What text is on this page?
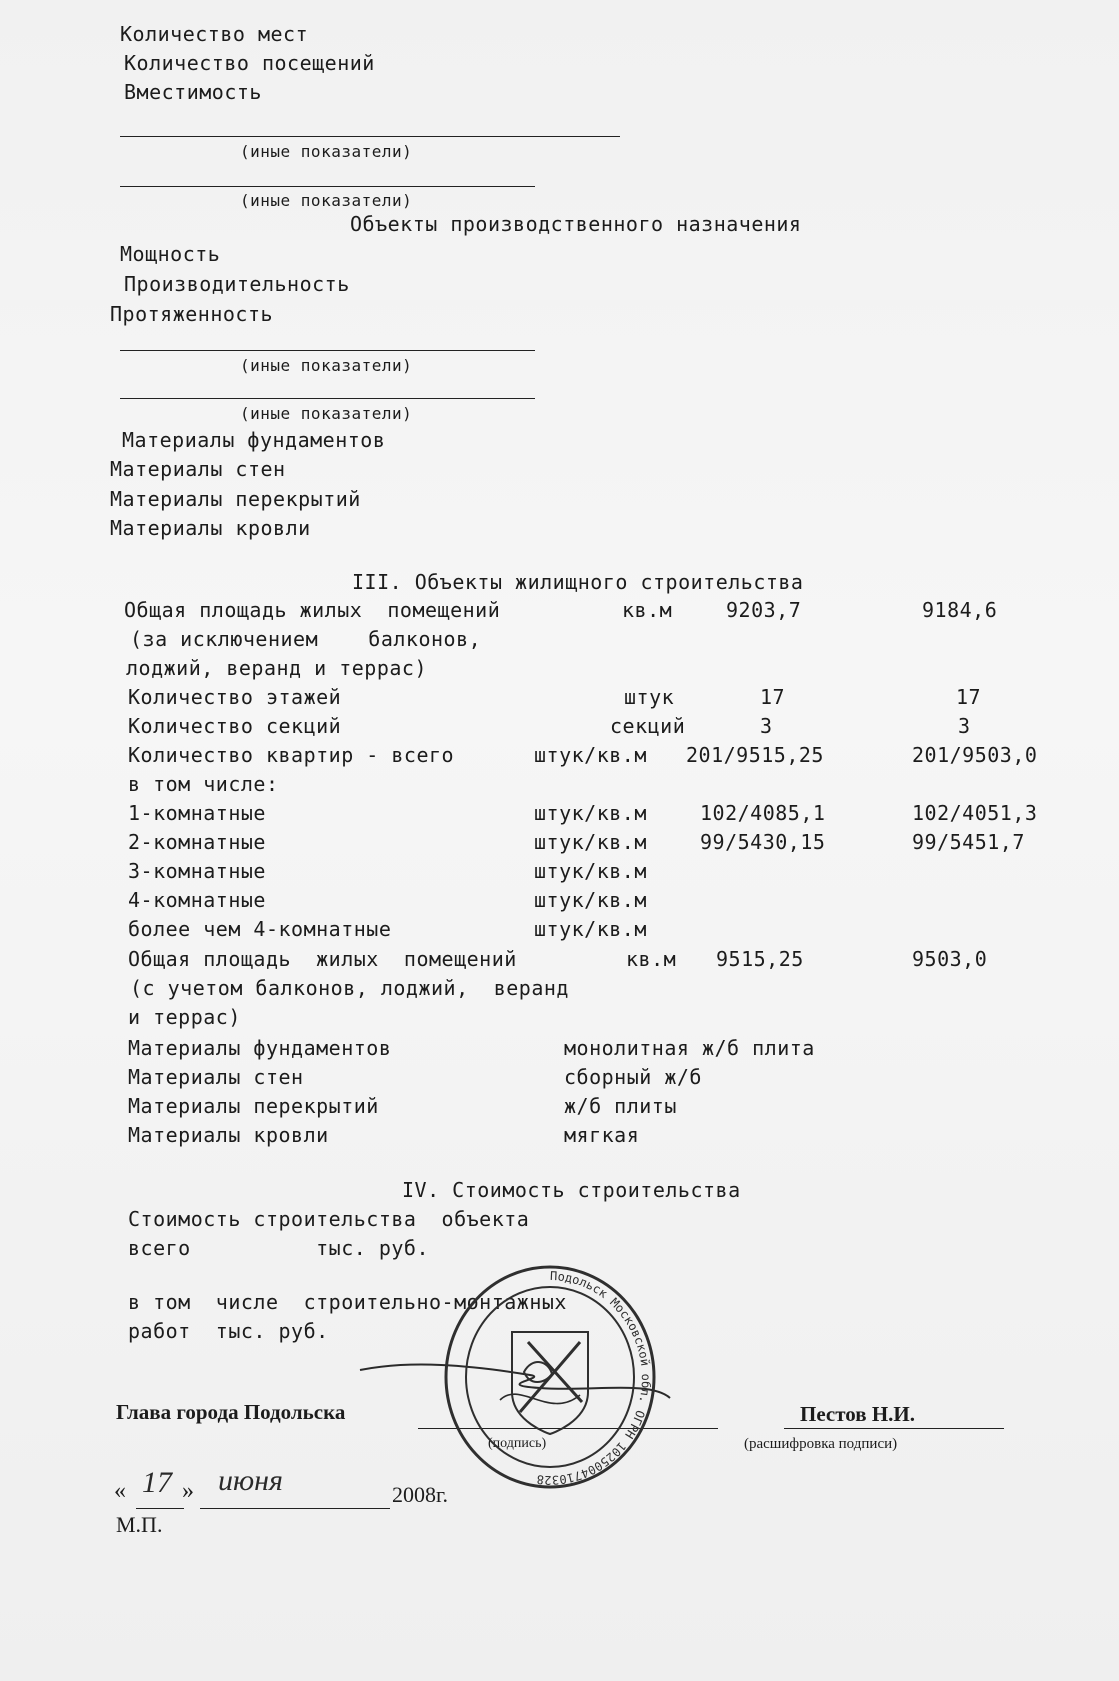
Количество мест
Количество посещений
Вместимость
(иные показатели)
(иные показатели)
Объекты производственного назначения
Мощность
Производительность
Протяженность
(иные показатели)
(иные показатели)
Материалы фундаментов
Материалы стен
Материалы перекрытий
Материалы кровли
III. Объекты жилищного строительства
Общая площадь жилых  помещений	кв.м	9203,7	9184,6
(за исключением    балконов,
лоджий, веранд и террас)
Количество этажей	штук	17	17
Количество секций	секций	3	3
Количество квартир - всего	штук/кв.м 201/9515,25	201/9503,0
в том числе:
1-комнатные	штук/кв.м	102/4085,1	102/4051,3
2-комнатные	штук/кв.м	99/5430,15	99/5451,7
3-комнатные	штук/кв.м
4-комнатные	штук/кв.м
более чем 4-комнатные	штук/кв.м
Общая площадь  жилых  помещений	кв.м 9515,25	9503,0
(с учетом балконов, лоджий,  веранд
и террас)
Материалы фундаментов	монолитная ж/б плита
Материалы стен	сборный ж/б
Материалы перекрытий	ж/б плиты
Материалы кровли	мягкая
IV. Стоимость строительства
Стоимость строительства  объекта
всего          тыс. руб.
в том  числе  строительно-монтажных
работ  тыс. руб.
Глава города Подольска
(подпись)
Пестов Н.И.
(расшифровка подписи)
« 17 » июня	2008г.
М.П.
Подольск Московской обл. ОГРН 1025004710328
